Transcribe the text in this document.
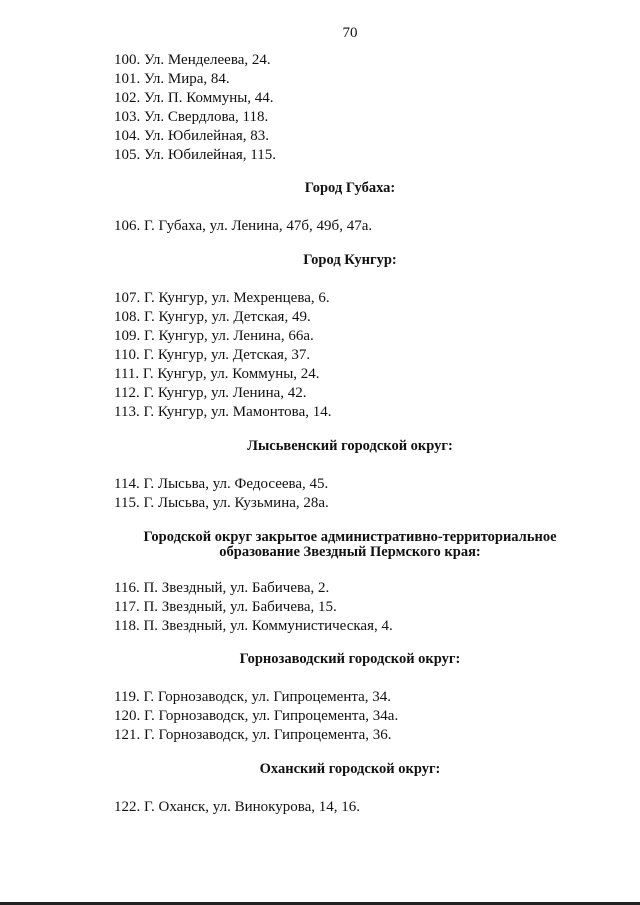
70
100. Ул. Менделеева, 24.
101. Ул. Мира, 84.
102. Ул. П. Коммуны, 44.
103. Ул. Свердлова, 118.
104. Ул. Юбилейная, 83.
105. Ул. Юбилейная, 115.
Город Губаха:
106. Г. Губаха, ул. Ленина, 47б, 49б, 47а.
Город Кунгур:
107. Г. Кунгур, ул. Мехренцева, 6.
108. Г. Кунгур, ул. Детская, 49.
109. Г. Кунгур, ул. Ленина, 66а.
110. Г. Кунгур, ул. Детская, 37.
111. Г. Кунгур, ул. Коммуны, 24.
112. Г. Кунгур, ул. Ленина, 42.
113. Г. Кунгур, ул. Мамонтова, 14.
Лысьвенский городской округ:
114. Г. Лысьва, ул. Федосеева, 45.
115. Г. Лысьва, ул. Кузьмина, 28а.
Городской округ закрытое административно-территориальное
образование Звездный Пермского края:
116. П. Звездный, ул. Бабичева, 2.
117. П. Звездный, ул. Бабичева, 15.
118. П. Звездный, ул. Коммунистическая, 4.
Горнозаводский городской округ:
119. Г. Горнозаводск, ул. Гипроцемента, 34.
120. Г. Горнозаводск, ул. Гипроцемента, 34а.
121. Г. Горнозаводск, ул. Гипроцемента, 36.
Оханский городской округ:
122. Г. Оханск, ул. Винокурова, 14, 16.
